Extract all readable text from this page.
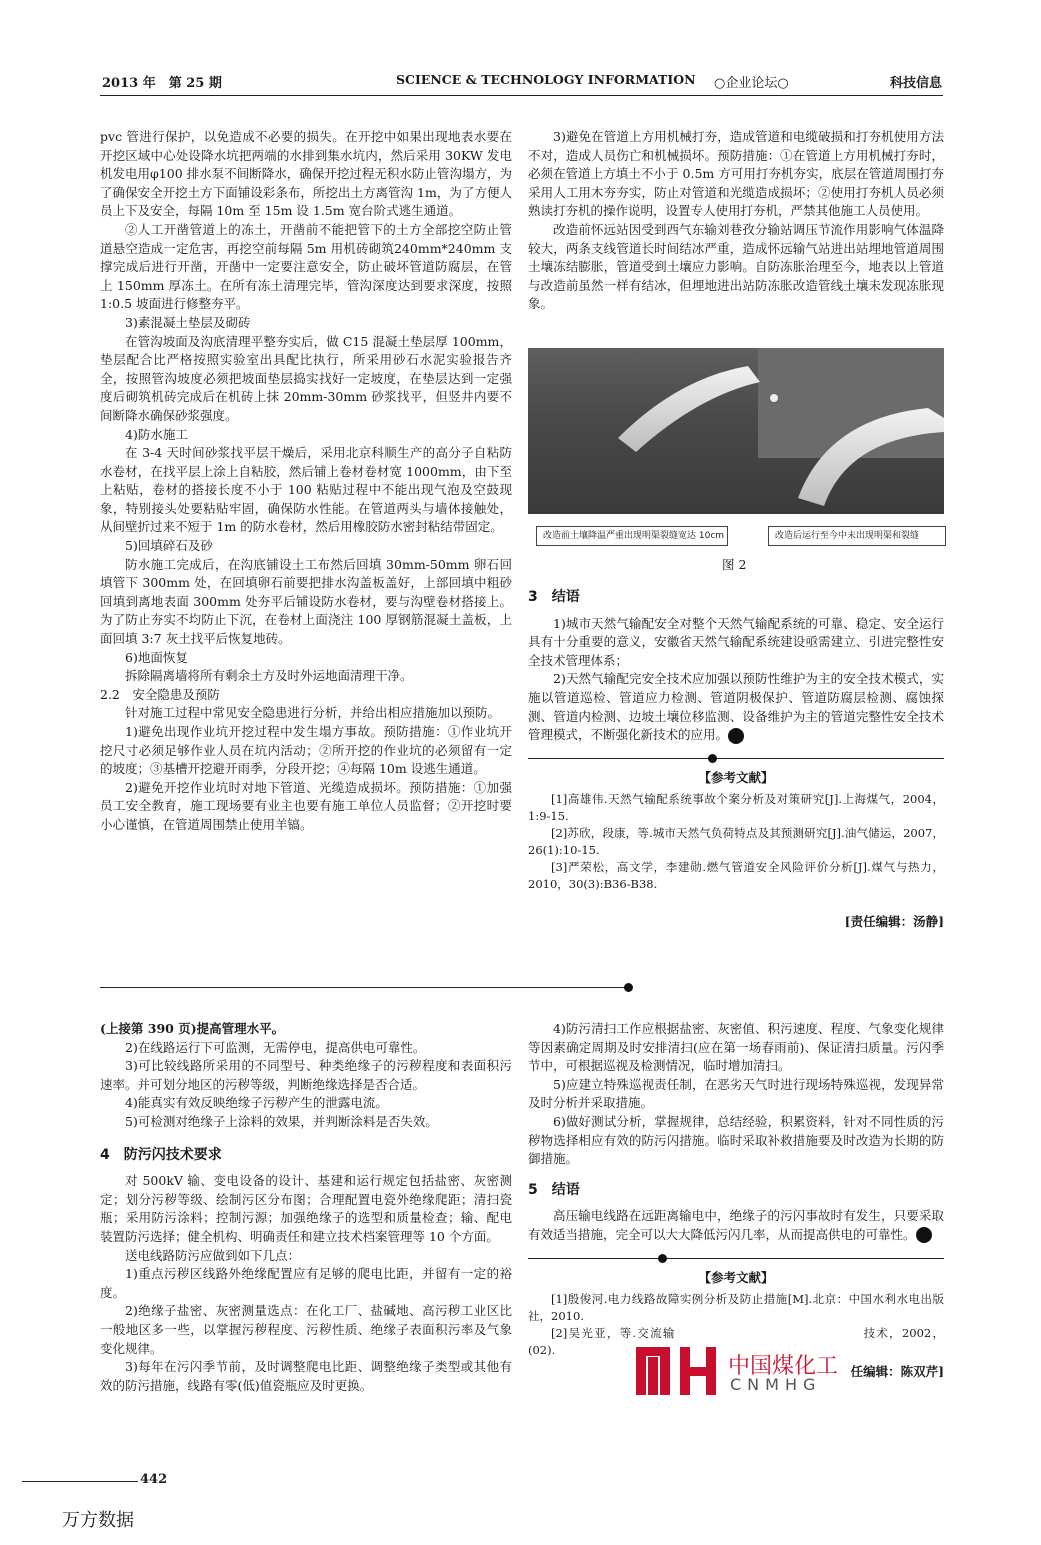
2013 年　第 25 期	SCIENCE & TECHNOLOGY INFORMATION ○企业论坛○	科技信息

pvc 管进行保护，以免造成不必要的损失。在开挖中如果出现地表水要在开挖区域中心处设降水坑把两端的水排到集水坑内，然后采用 30KW 发电机发电用φ100 排水泵不间断降水，确保开挖过程无积水防止管沟塌方，为了确保安全开挖土方下面铺设彩条布，所挖出土方离管沟 1m，为了方便人员上下及安全，每隔 10m 至 15m 设 1.5m 宽台阶式逃生通道。

②人工开凿管道上的冻土，开凿前不能把管下的土方全部挖空防止管道悬空造成一定危害，再挖空前每隔 5m 用机砖砌筑240mm*240mm 支撑完成后进行开凿，开凿中一定要注意安全，防止破坏管道防腐层，在管上 150mm 厚冻土。在所有冻土清理完毕，管沟深度达到要求深度，按照 1:0.5 坡面进行修整夯平。

3)素混凝土垫层及砌砖

在管沟坡面及沟底清理平整夯实后，做 C15 混凝土垫层厚 100mm，垫层配合比严格按照实验室出具配比执行，所采用砂石水泥实验报告齐全，按照管沟坡度必须把坡面垫层捣实找好一定坡度，在垫层达到一定强度后砌筑机砖完成后在机砖上抹 20mm-30mm 砂浆找平，但竖井内要不间断降水确保砂浆强度。

4)防水施工

在 3-4 天时间砂浆找平层干燥后，采用北京科顺生产的高分子自粘防水卷材，在找平层上涂上自粘胶，然后铺上卷材卷材宽 1000mm，由下至上粘贴，卷材的搭接长度不小于 100 粘贴过程中不能出现气泡及空鼓现象，特别接头处要粘贴牢固，确保防水性能。在管道两头与墙体接触处，从间壁折过来不短于 1m 的防水卷材，然后用橡胶防水密封粘结带固定。

5)回填碎石及砂

防水施工完成后，在沟底铺设土工布然后回填 30mm-50mm 卵石回填管下 300mm 处，在回填卵石前要把排水沟盖板盖好，上部回填中粗砂回填到离地表面 300mm 处夯平后铺设防水卷材，要与沟壁卷材搭接上。为了防止夯实不均防止下沉，在卷材上面浇注 100 厚钢筋混凝土盖板，上面回填 3:7 灰土找平后恢复地砖。

6)地面恢复

拆除隔离墙将所有剩余土方及时外运地面清理干净。

2.2　安全隐患及预防

针对施工过程中常见安全隐患进行分析，并给出相应措施加以预防。

1)避免出现作业坑开挖过程中发生塌方事故。预防措施：①作业坑开挖尺寸必须足够作业人员在坑内活动；②所开挖的作业坑的必须留有一定的坡度；③基槽开挖避开雨季，分段开挖；④每隔 10m 设逃生通道。

2)避免开挖作业坑时对地下管道、光缆造成损坏。预防措施：①加强员工安全教育，施工现场要有业主也要有施工单位人员监督；②开挖时要小心谨慎，在管道周围禁止使用羊镐。

3)避免在管道上方用机械打夯，造成管道和电缆破损和打夯机使用方法不对，造成人员伤亡和机械损坏。预防措施：①在管道上方用机械打夯时，必须在管道上方填土不小于 0.5m 方可用打夯机夯实，底层在管道周围打夯采用人工用木夯夯实，防止对管道和光缆造成损坏；②使用打夯机人员必须熟读打夯机的操作说明，设置专人使用打夯机，严禁其他施工人员使用。

改造前怀远站因受到西气东输刘巷孜分输站调压节流作用影响气体温降较大，两条支线管道长时间结冰严重，造成怀远输气站进出站埋地管道周围土壤冻结膨胀，管道受到土壤应力影响。自防冻胀治理至今，地表以上管道与改造前虽然一样有结冰，但埋地进出站防冻胀改造管线土壤未发现冻胀现象。

改造前土壤降温严重出现明渠裂缝宽达 10cm	改造后运行至今中未出现明渠和裂缝
图 2
3　结语

1)城市天然气输配安全对整个天然气输配系统的可靠、稳定、安全运行具有十分重要的意义，安徽省天然气输配系统建设亟需建立、引进完整性安全技术管理体系；

2)天然气输配完安全技术应加强以预防性维护为主的安全技术模式，实施以管道巡检、管道应力检测、管道阴极保护、管道防腐层检测、腐蚀探测、管道内检测、边坡土壤位移监测、设备维护为主的管道完整性安全技术管理模式，不断强化新技术的应用。	科

【参考文献】

[1]高雄伟.天然气输配系统事故个案分析及对策研究[J].上海煤气，2004，1:9-15.

[2]苏欣，段康，等.城市天然气负荷特点及其预测研究[J].油气储运，2007，26(1):10-15.

[3]严荣松，高文学，李建勋.燃气管道安全风险评价分析[J].煤气与热力，2010，30(3):B36-B38.

[责任编辑：汤静]

(上接第 390 页)提高管理水平。

2)在线路运行下可监测，无需停电，提高供电可靠性。

3)可比较线路所采用的不同型号、种类绝缘子的污秽程度和表面积污速率。并可划分地区的污秽等级，判断绝缘选择是否合适。

4)能真实有效反映绝缘子污秽产生的泄露电流。

5)可检测对绝缘子上涂料的效果，并判断涂料是否失效。

4　防污闪技术要求

对 500kV 输、变电设备的设计、基建和运行规定包括盐密、灰密测定；划分污秽等级、绘制污区分布图；合理配置电瓷外绝缘爬距；清扫瓷瓶；采用防污涂料；控制污源；加强绝缘子的选型和质量检查；输、配电装置防污选择；健全机构、明确责任和建立技术档案管理等 10 个方面。

送电线路防污应做到如下几点：

1)重点污秽区线路外绝缘配置应有足够的爬电比距，并留有一定的裕度。

2)绝缘子盐密、灰密测量选点：在化工厂、盐碱地、高污秽工业区比一般地区多一些，以掌握污秽程度、污秽性质、绝缘子表面积污率及气象变化规律。

3)每年在污闪季节前，及时调整爬电比距、调整绝缘子类型或其他有效的防污措施，线路有零(低)值瓷瓶应及时更换。

4)防污清扫工作应根据盐密、灰密值、积污速度、程度、气象变化规律等因素确定周期及时安排清扫(应在第一场春雨前)、保证清扫质量。污闪季节中，可根据巡视及检测情况，临时增加清扫。

5)应建立特殊巡视责任制，在恶劣天气时进行现场特殊巡视，发现异常及时分析并采取措施。

6)做好测试分析，掌握规律，总结经验，积累资料，针对不同性质的污秽物选择相应有效的防污闪措施。临时采取补救措施要及时改造为长期的防御措施。

5　结语

高压输电线路在远距离输电中，绝缘子的污闪事故时有发生，只要采取有效适当措施，完全可以大大降低污闪几率，从而提高供电的可靠性。	科

【参考文献】

[1]殷俊河.电力线路故障实例分析及防止措施[M].北京：中国水利水电出版社，2010.

[2]吴光亚，等.交流输	技术，2002，(02).

任编辑：陈双芹]
中国煤化工
CNMHG
442
万方数据
